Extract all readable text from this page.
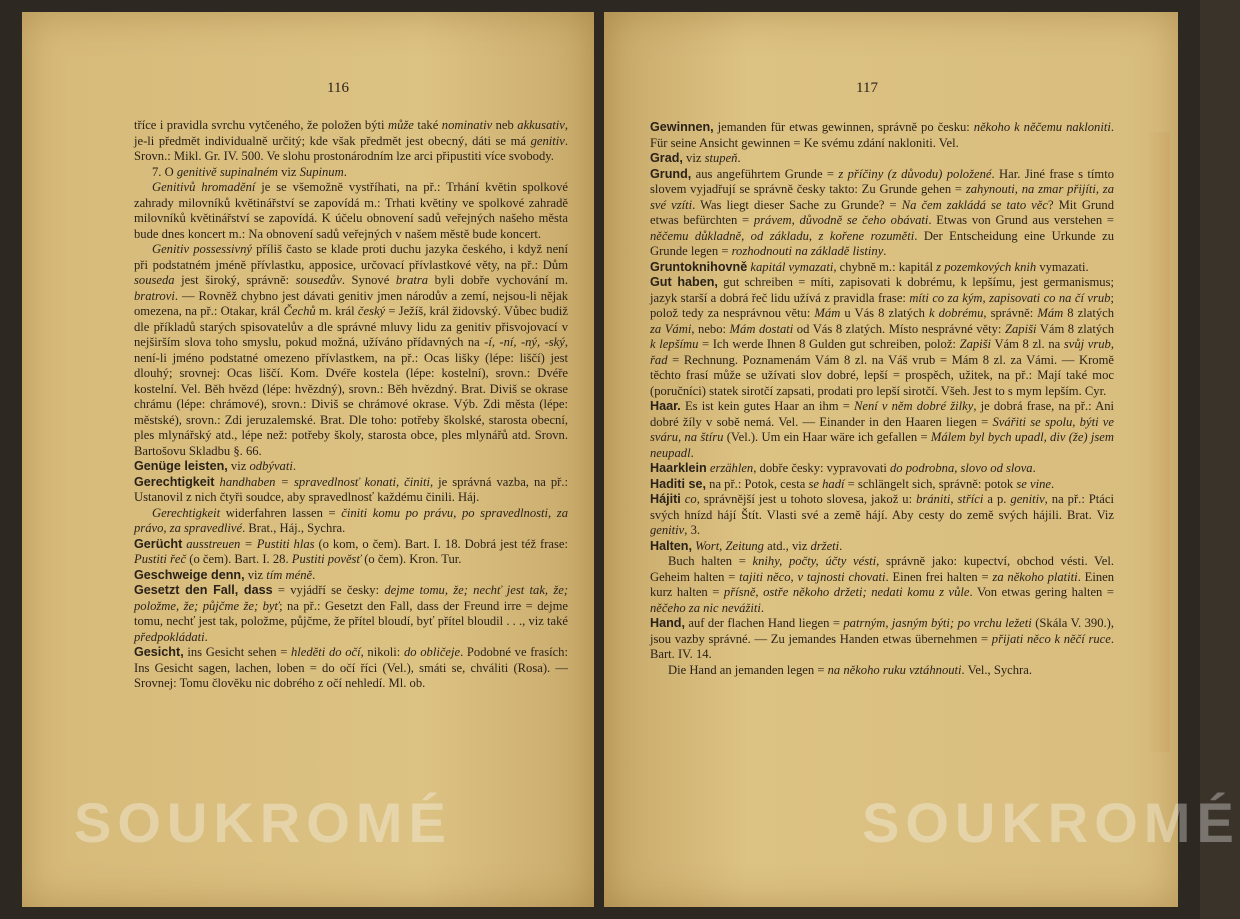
116

tříce i pravidla svrchu vytčeného, že položen býti může také nominativ neb akkusativ, je-li předmět individualně určitý; kde však předmět jest obecný, dáti se má genitiv. Srovn.: Mikl. Gr. IV. 500. Ve slohu prostonárodním lze arci připustiti více svobody.

7. O genitivě supinalném viz Supinum.

Genitivů hromadění je se všemožně vystříhati, na př.: Trhání květin spolkové zahrady milovníků květinářství se zapovídá m.: Trhati květiny ve spolkové zahradě milovníků květinářství se zapovídá. K účelu obnovení sadů veřejných našeho města bude dnes koncert m.: Na obnovení sadů veřejných v našem městě bude koncert.

Genitiv possessivný příliš často se klade proti duchu jazyka českého, i když není při podstatném jméně přívlastku, apposice, určovací přívlastkové věty, na př.: Dům souseda jest široký, správně: sousedův. Synové bratra byli dobře vychování m. bratrovi. — Rovněž chybno jest dávati genitiv jmen národův a zemí, nejsou-li nějak omezena, na př.: Otakar, král Čechů m. král český = Ježíš, král židovský. Vůbec budiž dle příkladů starých spisovatelův a dle správné mluvy lidu za genitiv přisvojovací v nejširším slova toho smyslu, pokud možná, užíváno přídavných na -í, -ní, -ný, -ský, není-li jméno podstatné omezeno přívlastkem, na př.: Ocas lišky (lépe: liščí) jest dlouhý; srovnej: Ocas liščí. Kom. Dvéře kostela (lépe: kostelní), srovn.: Dvéře kostelní. Vel. Běh hvězd (lépe: hvězdný), srovn.: Běh hvězdný. Brat. Diviš se okrase chrámu (lépe: chrámové), srovn.: Diviš se chrámové okrase. Výb. Zdi města (lépe: městské), srovn.: Zdi jeruzalemské. Brat. Dle toho: potřeby školské, starosta obecní, ples mlynářský atd., lépe než: potřeby školy, starosta obce, ples mlynářů atd. Srovn. Bartošovu Skladbu §. 66.

Genüge leisten, viz odbývati.

Gerechtigkeit handhaben = spravedlnosť konati, činiti, je správná vazba, na př.: Ustanovil z nich čtyři soudce, aby spravedlnosť každému činili. Háj.

Gerechtigkeit widerfahren lassen = činiti komu po právu, po spravedlnosti, za právo, za spravedlivé. Brat., Háj., Sychra.

Gerücht ausstreuen = Pustiti hlas (o kom, o čem). Bart. I. 18. Dobrá jest též frase: Pustiti řeč (o čem). Bart. I. 28. Pustiti pověsť (o čem). Kron. Tur.

Geschweige denn, viz tím méně.

Gesetzt den Fall, dass = vyjádří se česky: dejme tomu, že; nechť jest tak, že; položme, že; půjčme že; byť; na př.: Gesetzt den Fall, dass der Freund irre = dejme tomu, nechť jest tak, položme, půjčme, že přítel bloudí, byť přítel bloudil . . ., viz také předpokládati.

Gesicht, ins Gesicht sehen = hleděti do očí, nikoli: do obličeje. Podobné ve frasích: Ins Gesicht sagen, lachen, loben = do očí říci (Vel.), smáti se, chváliti (Rosa). — Srovnej: Tomu člověku nic dobrého z očí nehledí. Ml. ob.

SOUKROMÉ
117

Gewinnen, jemanden für etwas gewinnen, správně po česku: někoho k něčemu nakloniti. Für seine Ansicht gewinnen = Ke svému zdání nakloniti. Vel.

Grad, viz stupeň.

Grund, aus angeführtem Grunde = z příčiny (z důvodu) položené. Har. Jiné frase s tímto slovem vyjadřují se správně česky takto: Zu Grunde gehen = zahynouti, na zmar přijíti, za své vzíti. Was liegt dieser Sache zu Grunde? = Na čem zakládá se tato věc? Mit Grund etwas befürchten = právem, důvodně se čeho obávati. Etwas von Grund aus verstehen = něčemu důkladně, od základu, z kořene rozuměti. Der Entscheidung eine Urkunde zu Grunde legen = rozhodnouti na základě listiny.

Gruntoknihovně kapitál vymazati, chybně m.: kapitál z pozemkových knih vymazati.

Gut haben, gut schreiben = míti, zapisovati k dobrému, k lepšímu, jest germanismus; jazyk starší a dobrá řeč lidu užívá z pravidla frase: míti co za kým, zapisovati co na čí vrub; polož tedy za nesprávnou větu: Mám u Vás 8 zlatých k dobrému, správně: Mám 8 zlatých za Vámi, nebo: Mám dostati od Vás 8 zlatých. Místo nesprávné věty: Zapiši Vám 8 zlatých k lepšímu = Ich werde Ihnen 8 Gulden gut schreiben, polož: Zapiši Vám 8 zl. na svůj vrub, řad = Rechnung. Poznamenám Vám 8 zl. na Váš vrub = Mám 8 zl. za Vámi. — Kromě těchto frasí může se užívati slov dobré, lepší = prospěch, užitek, na př.: Mají také moc (poručníci) statek sirotčí zapsati, prodati pro lepší sirotčí. Všeh. Jest to s mym lepším. Cyr.

Haar. Es ist kein gutes Haar an ihm = Není v něm dobré žilky, je dobrá frase, na př.: Ani dobré žíly v sobě nemá. Vel. — Einander in den Haaren liegen = Svářiti se spolu, býti ve sváru, na štíru (Vel.). Um ein Haar wäre ich gefallen = Málem byl bych upadl, div (že) jsem neupadl.

Haarklein erzählen, dobře česky: vypravovati do podrobna, slovo od slova.

Haditi se, na př.: Potok, cesta se hadí = schlängelt sich, správně: potok se vine.

Hájiti co, správnější jest u tohoto slovesa, jakož u: brániti, stříci a p. genitiv, na př.: Ptáci svých hnízd hájí Štít. Vlasti své a země hájí. Aby cesty do země svých hájili. Brat. Viz genitiv, 3.

Halten, Wort, Zeitung atd., viz držeti.

Buch halten = knihy, počty, účty vésti, správně jako: kupectví, obchod vésti. Vel. Geheim halten = tajiti něco, v tajnosti chovati. Einen frei halten = za někoho platiti. Einen kurz halten = přísně, ostře někoho držeti; nedati komu z vůle. Von etwas gering halten = něčeho za nic nevážiti.

Hand, auf der flachen Hand liegen = patrným, jasným býti; po vrchu ležeti (Skála V. 390.), jsou vazby správné. — Zu jemandes Handen etwas übernehmen = přijati něco k něčí ruce. Bart. IV. 14.

Die Hand an jemanden legen = na někoho ruku vztáhnouti. Vel., Sychra.

SOUKROMÉ
